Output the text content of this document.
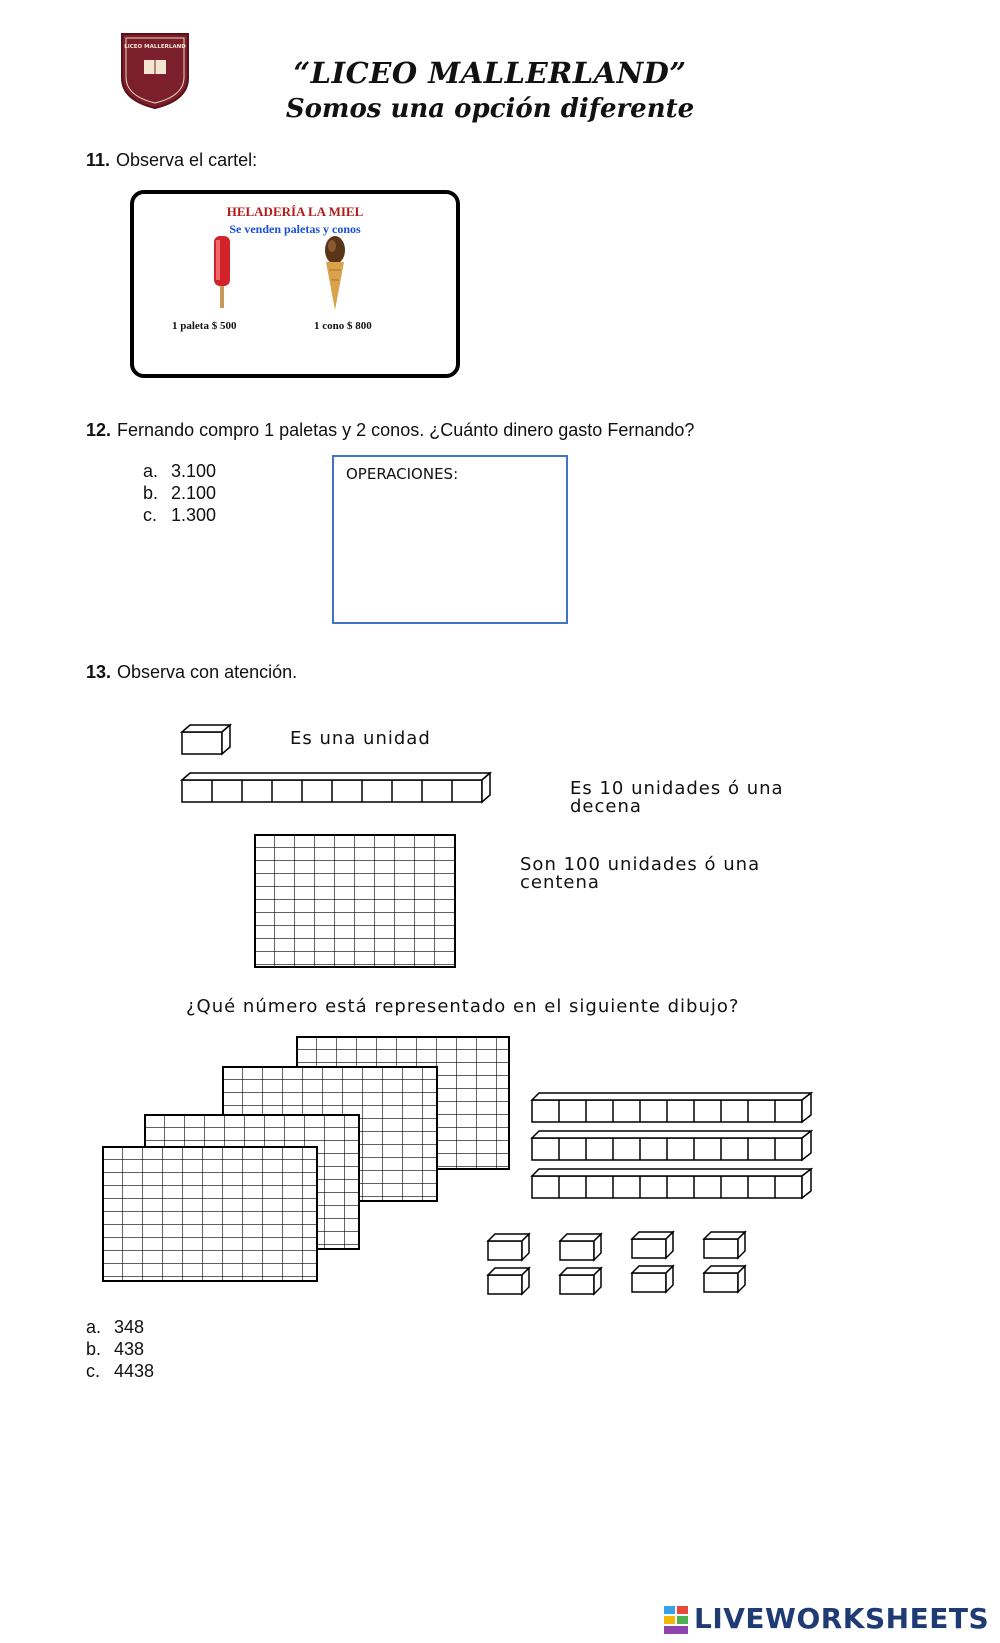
LICEO MALLERLAND
“LICEO MALLERLAND”
Somos una opción diferente
11. Observa el cartel:
HELADERÍA LA MIEL
Se venden paletas y conos
1 paleta $ 500	1 cono $ 800
12. Fernando compro 1 paletas y 2 conos. ¿Cuánto dinero gasto Fernando?
a. 3.100
b. 2.100
c. 1.300
OPERACIONES:
13. Observa con atención.
Es una unidad
Es 10 unidades ó una
decena
Son 100 unidades ó una
centena
¿Qué número está representado en el siguiente dibujo?
a. 348
b. 438
c. 4438
LIVEWORKSHEETS
